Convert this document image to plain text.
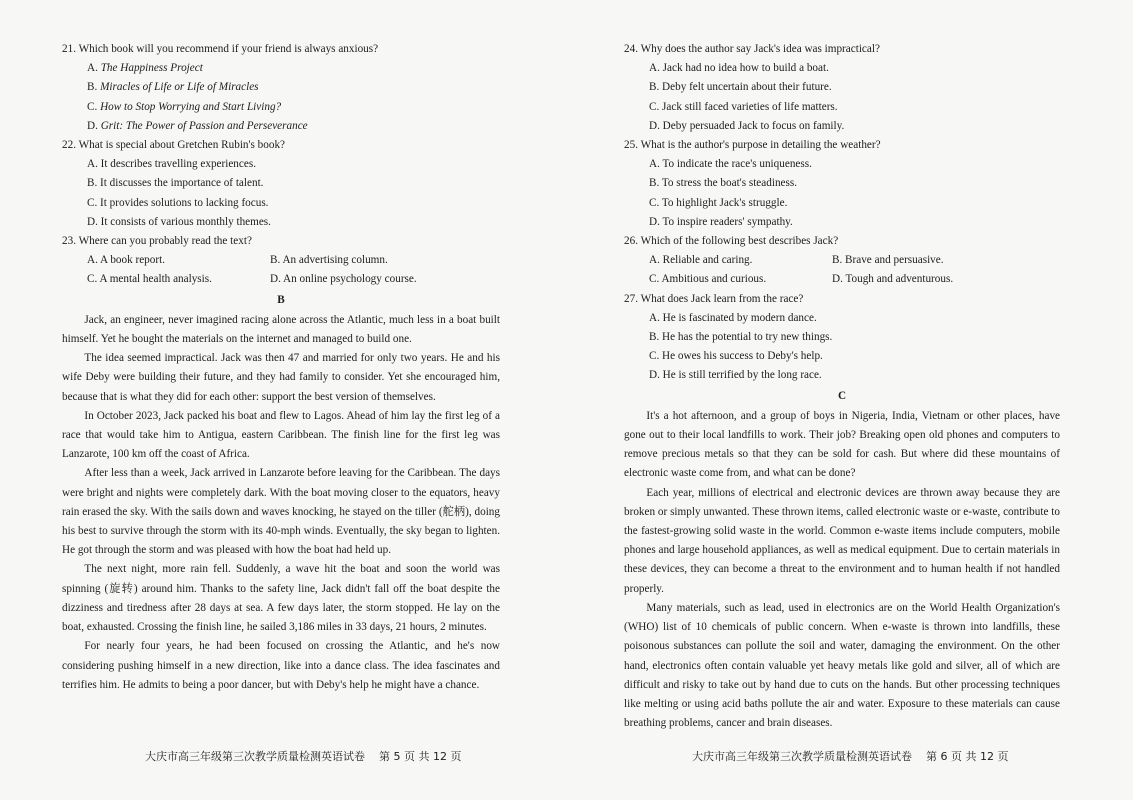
21. Which book will you recommend if your friend is always anxious?

A. The Happiness Project

B. Miracles of Life or Life of Miracles

C. How to Stop Worrying and Start Living?

D. Grit: The Power of Passion and Perseverance

22. What is special about Gretchen Rubin's book?

A. It describes travelling experiences.

B. It discusses the importance of talent.

C. It provides solutions to lacking focus.

D. It consists of various monthly themes.

23. Where can you probably read the text?

A. A book report.	B. An advertising column.
C. A mental health analysis.	D. An online psychology course.

B

Jack, an engineer, never imagined racing alone across the Atlantic, much less in a boat built himself. Yet he bought the materials on the internet and managed to build one.

The idea seemed impractical. Jack was then 47 and married for only two years. He and his wife Deby were building their future, and they had family to consider. Yet she encouraged him, because that is what they did for each other: support the best version of themselves.

In October 2023, Jack packed his boat and flew to Lagos. Ahead of him lay the first leg of a race that would take him to Antigua, eastern Caribbean. The finish line for the first leg was Lanzarote, 100 km off the coast of Africa.

After less than a week, Jack arrived in Lanzarote before leaving for the Caribbean. The days were bright and nights were completely dark. With the boat moving closer to the equators, heavy rain erased the sky. With the sails down and waves knocking, he stayed on the tiller (舵柄), doing his best to survive through the storm with its 40-mph winds. Eventually, the sky began to lighten. He got through the storm and was pleased with how the boat had held up.

The next night, more rain fell. Suddenly, a wave hit the boat and soon the world was spinning (旋转) around him. Thanks to the safety line, Jack didn't fall off the boat despite the dizziness and tiredness after 28 days at sea. A few days later, the storm stopped. He lay on the boat, exhausted. Crossing the finish line, he sailed 3,186 miles in 33 days, 21 hours, 2 minutes.

For nearly four years, he had been focused on crossing the Atlantic, and he's now considering pushing himself in a new direction, like into a dance class. The idea fascinates and terrifies him. He admits to being a poor dancer, but with Deby's help he might have a chance.

大庆市高三年级第三次教学质量检测英语试卷 第 5 页 共 12 页

24. Why does the author say Jack's idea was impractical?

A. Jack had no idea how to build a boat.

B. Deby felt uncertain about their future.

C. Jack still faced varieties of life matters.

D. Deby persuaded Jack to focus on family.

25. What is the author's purpose in detailing the weather?

A. To indicate the race's uniqueness.

B. To stress the boat's steadiness.

C. To highlight Jack's struggle.

D. To inspire readers' sympathy.

26. Which of the following best describes Jack?

A. Reliable and caring.	B. Brave and persuasive.
C. Ambitious and curious.	D. Tough and adventurous.

27. What does Jack learn from the race?

A. He is fascinated by modern dance.

B. He has the potential to try new things.

C. He owes his success to Deby's help.

D. He is still terrified by the long race.

C

It's a hot afternoon, and a group of boys in Nigeria, India, Vietnam or other places, have gone out to their local landfills to work. Their job? Breaking open old phones and computers to remove precious metals so that they can be sold for cash. But where did these mountains of electronic waste come from, and what can be done?

Each year, millions of electrical and electronic devices are thrown away because they are broken or simply unwanted. These thrown items, called electronic waste or e-waste, contribute to the fastest-growing solid waste in the world. Common e-waste items include computers, mobile phones and large household appliances, as well as medical equipment. Due to certain materials in these devices, they can become a threat to the environment and to human health if not handled properly.

Many materials, such as lead, used in electronics are on the World Health Organization's (WHO) list of 10 chemicals of public concern. When e-waste is thrown into landfills, these poisonous substances can pollute the soil and water, damaging the environment. On the other hand, electronics often contain valuable yet heavy metals like gold and silver, all of which are difficult and risky to take out by hand due to cuts on the hands. But other processing techniques like melting or using acid baths pollute the air and water. Exposure to these materials can cause breathing problems, cancer and brain diseases.

大庆市高三年级第三次教学质量检测英语试卷 第 6 页 共 12 页
